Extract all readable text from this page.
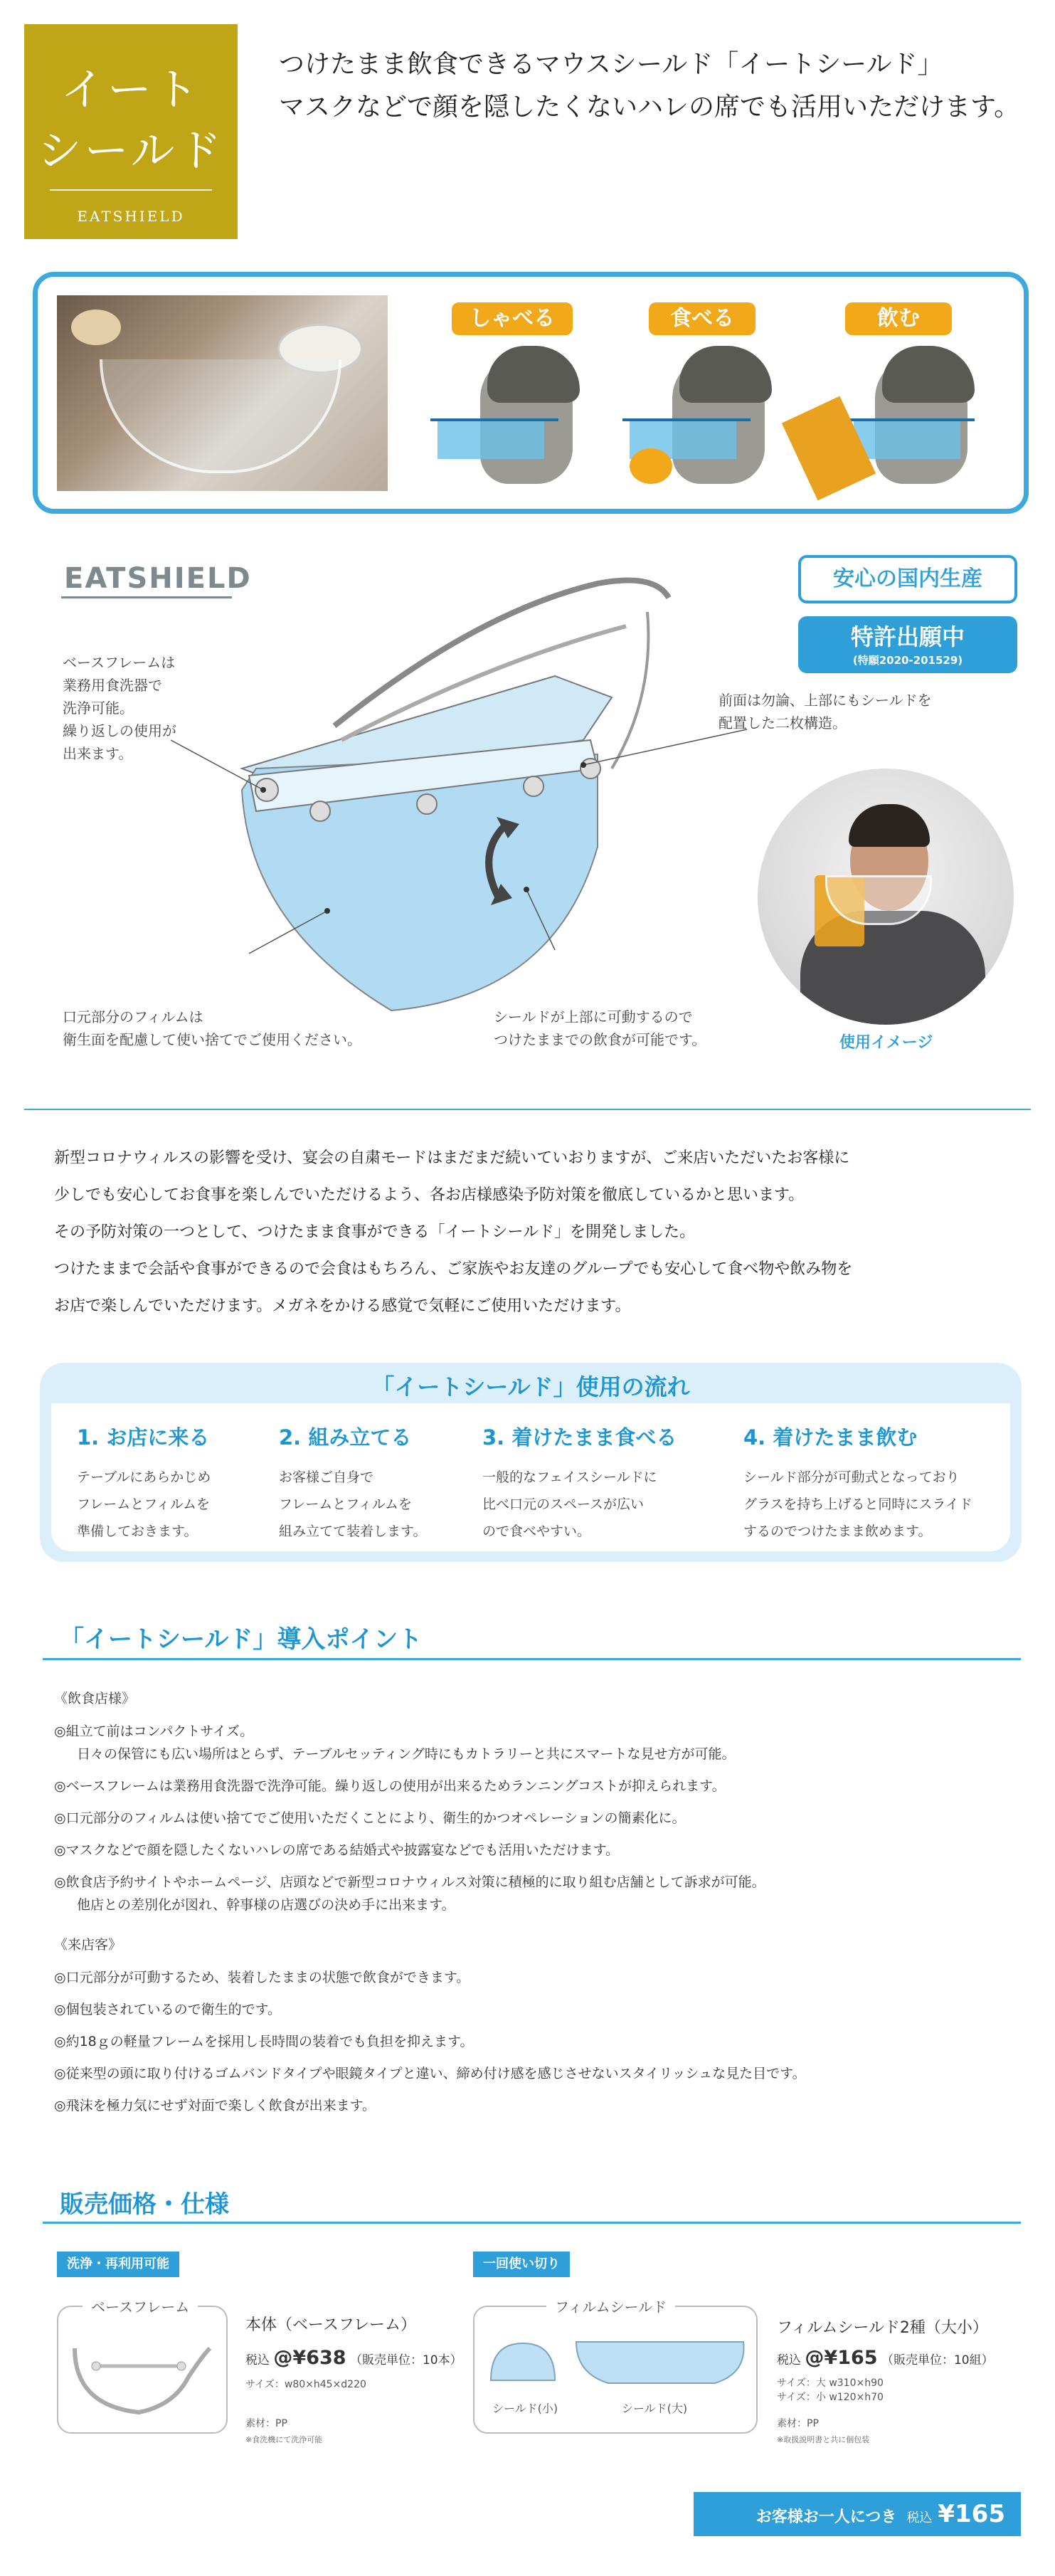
イート
シールド
EATSHIELD
つけたまま飲食できるマウスシールド「イートシールド」
マスクなどで顔を隠したくないハレの席でも活用いただけます。
しゃべる	食べる	飲む
EATSHIELD
ベースフレームは
業務用食洗器で
洗浄可能。
繰り返しの使用が
出来ます。
前面は勿論、上部にもシールドを
配置した二枚構造。
口元部分のフィルムは
衛生面を配慮して使い捨てでご使用ください。
シールドが上部に可動するので
つけたままでの飲食が可能です。
安心の国内生産
特許出願中
(特願2020-201529)
使用イメージ
新型コロナウィルスの影響を受け、宴会の自粛モードはまだまだ続いていおりますが、ご来店いただいたお客様に
少しでも安心してお食事を楽しんでいただけるよう、各お店様感染予防対策を徹底しているかと思います。
その予防対策の一つとして、つけたまま食事ができる「イートシールド」を開発しました。
つけたままで会話や食事ができるので会食はもちろん、ご家族やお友達のグループでも安心して食べ物や飲み物を
お店で楽しんでいただけます。メガネをかける感覚で気軽にご使用いただけます。
「イートシールド」使用の流れ
1. お店に来る
テーブルにあらかじめ
フレームとフィルムを
準備しておきます。
2. 組み立てる
お客様ご自身で
フレームとフィルムを
組み立てて装着します。
3. 着けたまま食べる
一般的なフェイスシールドに
比べ口元のスペースが広い
ので食べやすい。
4. 着けたまま飲む
シールド部分が可動式となっており
グラスを持ち上げると同時にスライド
するのでつけたまま飲めます。
「イートシールド」導入ポイント
《飲食店様》
◎組立て前はコンパクトサイズ。
日々の保管にも広い場所はとらず、テーブルセッティング時にもカトラリーと共にスマートな見せ方が可能。
◎ベースフレームは業務用食洗器で洗浄可能。繰り返しの使用が出来るためランニングコストが抑えられます。
◎口元部分のフィルムは使い捨てでご使用いただくことにより、衛生的かつオペレーションの簡素化に。
◎マスクなどで顔を隠したくないハレの席である結婚式や披露宴などでも活用いただけます。
◎飲食店予約サイトやホームページ、店頭などで新型コロナウィルス対策に積極的に取り組む店舗として訴求が可能。
他店との差別化が図れ、幹事様の店選びの決め手に出来ます。
《来店客》
◎口元部分が可動するため、装着したままの状態で飲食ができます。
◎個包装されているので衛生的です。
◎約18ｇの軽量フレームを採用し長時間の装着でも負担を抑えます。
◎従来型の頭に取り付けるゴムバンドタイプや眼鏡タイプと違い、締め付け感を感じさせないスタイリッシュな見た目です。
◎飛沫を極力気にせず対面で楽しく飲食が出来ます。
販売価格・仕様
洗浄・再利用可能
ベースフレーム
本体（ベースフレーム）
税込 @¥638 （販売単位：10本）
サイズ：w80×h45×d220
素材：PP
※食洗機にて洗浄可能
一回使い切り
フィルムシールド
シールド(小)	シールド(大)
フィルムシールド2種（大小）
税込 @¥165 （販売単位：10組）
サイズ：大 w310×h90
サイズ：小 w120×h70
素材：PP
※取扱説明書と共に個包装
お客様お一人につき 税込 ¥165
